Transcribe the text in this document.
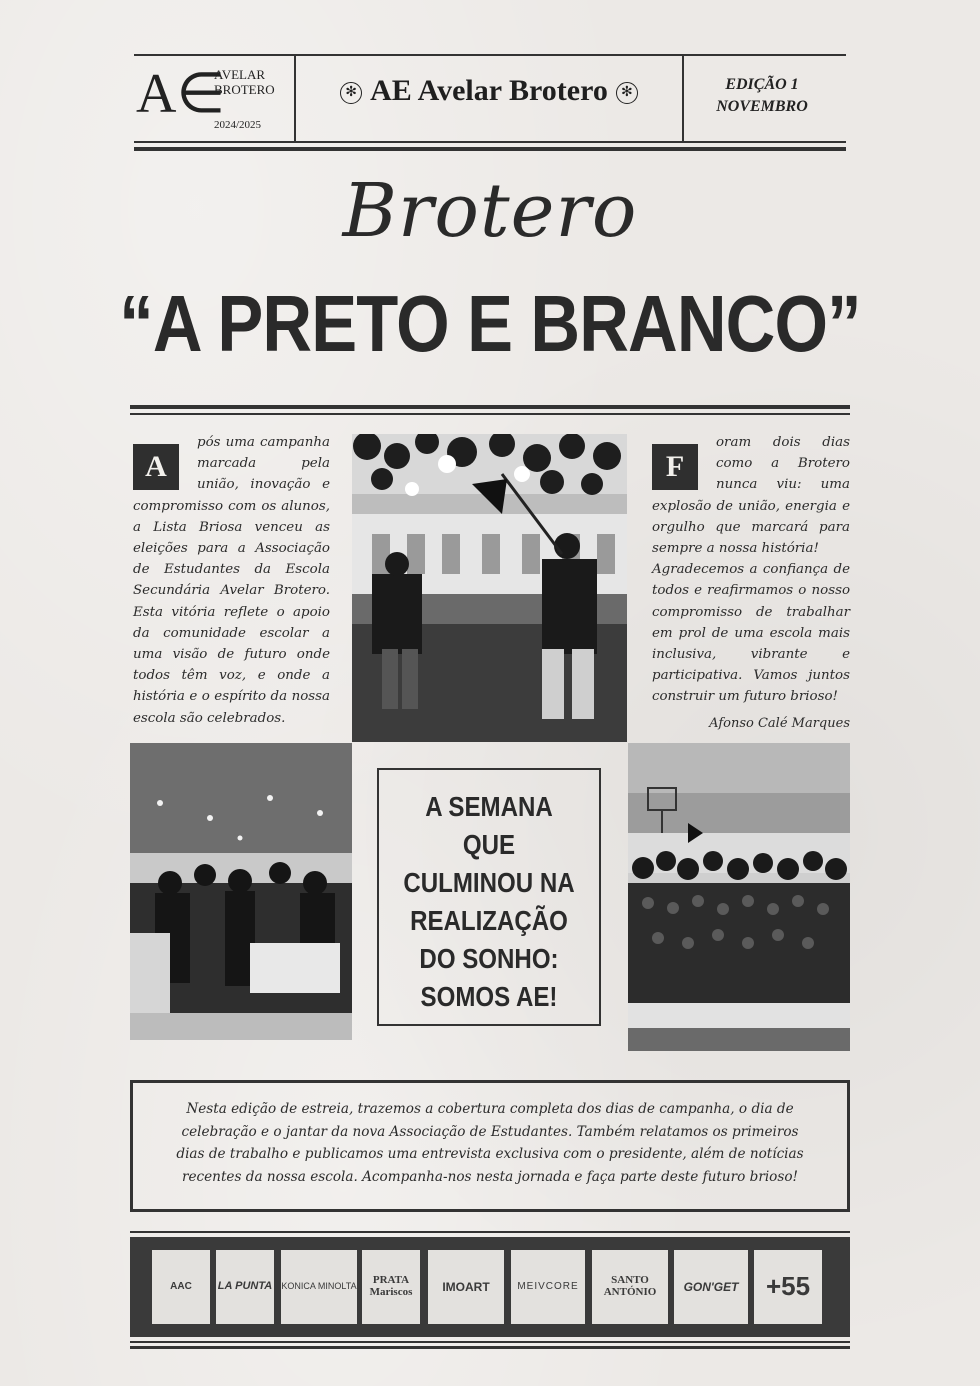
A∈
AVELAR
BROTERO
2024/2025
✻ AE Avelar Brotero ✻	EDIÇÃO 1
NOVEMBRO
Brotero
“A PRETO E BRANCO”
A
pós uma campanha marcada pela união, inovação e compromisso com os alunos, a Lista Briosa venceu as eleições para a Associação de Estudantes da Escola Secundária Avelar Brotero. Esta vitória reflete o apoio da comunidade escolar a uma visão de futuro onde todos têm voz, e onde a história e o espírito da nossa escola são celebrados.
F
oram dois dias como a Brotero nunca viu: uma explosão de união, energia e orgulho que marcará para sempre a nossa história!
Agradecemos a confiança de todos e reafirmamos o nosso compromisso de trabalhar em prol de uma escola mais inclusiva, vibrante e participativa. Vamos juntos construir um futuro brioso!
Afonso Calé Marques
A SEMANA
QUE
CULMINOU NA
REALIZAÇÃO
DO SONHO:
SOMOS AE!
Nesta edição de estreia, trazemos a cobertura completa dos dias de campanha, o dia de celebração e o jantar da nova Associação de Estudantes. Também relatamos os primeiros dias de trabalho e publicamos uma entrevista exclusiva com o presidente, além de notícias recentes da nossa escola. Acompanha-nos nesta jornada e faça parte deste futuro brioso!
AAC LA PUNTA KONICA MINOLTA	PRATA Mariscos	IMOART	MEIVCORE	SANTO ANTÓNIO	GON'GET +55
